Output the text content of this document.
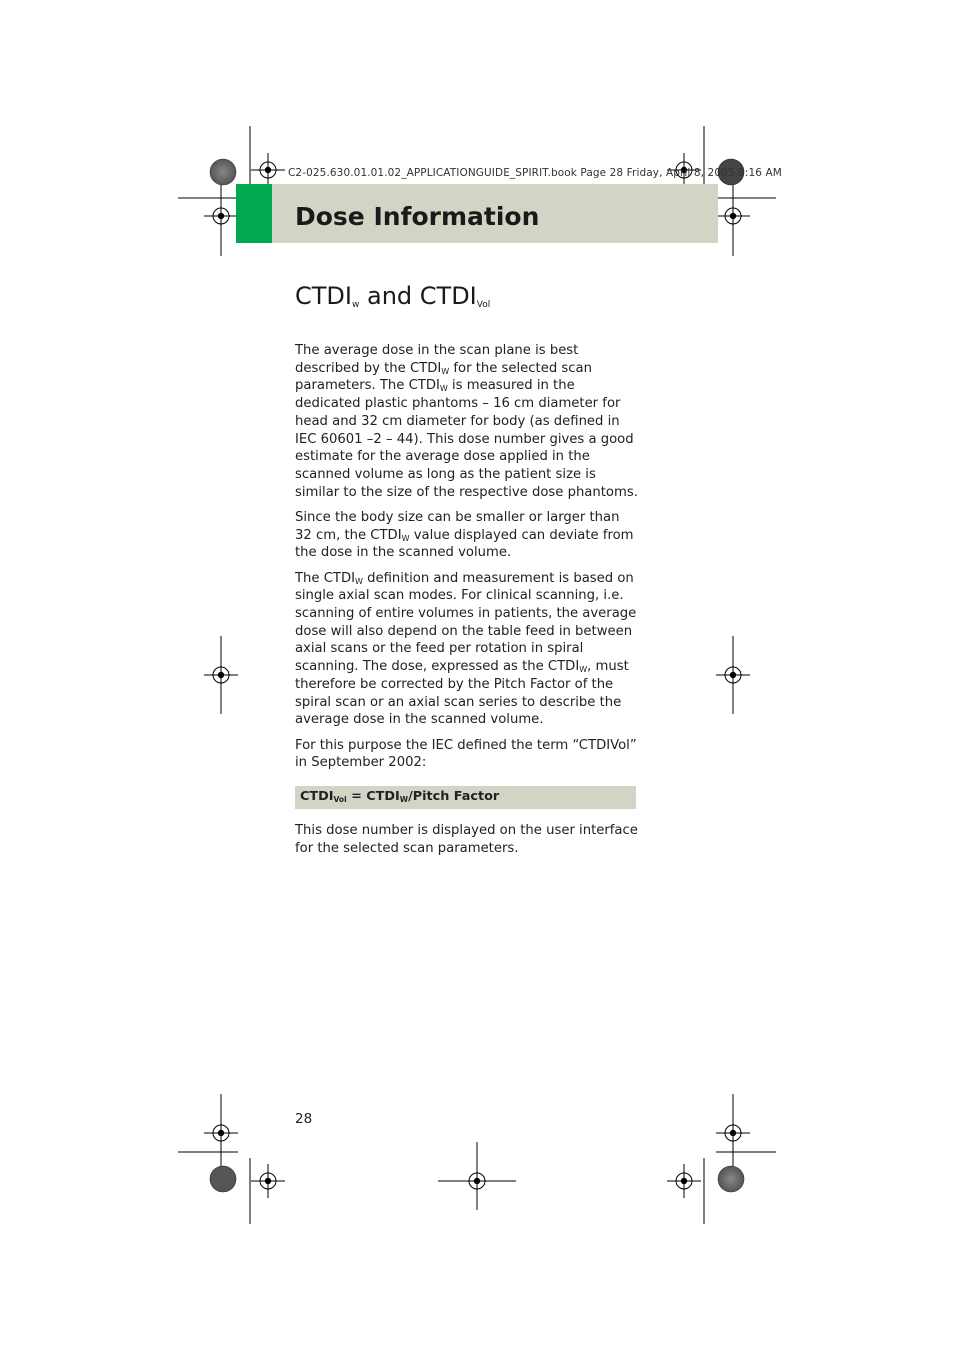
C2-025.630.01.01.02_APPLICATIONGUIDE_SPIRIT.book Page 28 Friday, April 8, 2005 9:16 AM
Dose Information
$CTDI_w$ and $CTDI_{Vol}$

The average dose in the scan plane is best described by the $CTDI_W$ for the selected scan parameters. The $CTDI_W$ is measured in the dedicated plastic phantoms – 16 cm diameter for head and 32 cm diameter for body (as defined in IEC 60601 –2 – 44). This dose number gives a good estimate for the average dose applied in the scanned volume as long as the patient size is similar to the size of the respective dose phantoms.

Since the body size can be smaller or larger than 32 cm, the $CTDI_W$ value displayed can deviate from the dose in the scanned volume.

The $CTDI_W$ definition and measurement is based on single axial scan modes. For clinical scanning, i.e. scanning of entire volumes in patients, the average dose will also depend on the table feed in between axial scans or the feed per rotation in spiral scanning. The dose, expressed as the $CTDI_W$, must therefore be corrected by the Pitch Factor of the spiral scan or an axial scan series to describe the average dose in the scanned volume.

For this purpose the IEC defined the term “CTDIVol” in September 2002:

$CTDI_{Vol}$ = $CTDI_W$/Pitch Factor

This dose number is displayed on the user interface for the selected scan parameters.

28
